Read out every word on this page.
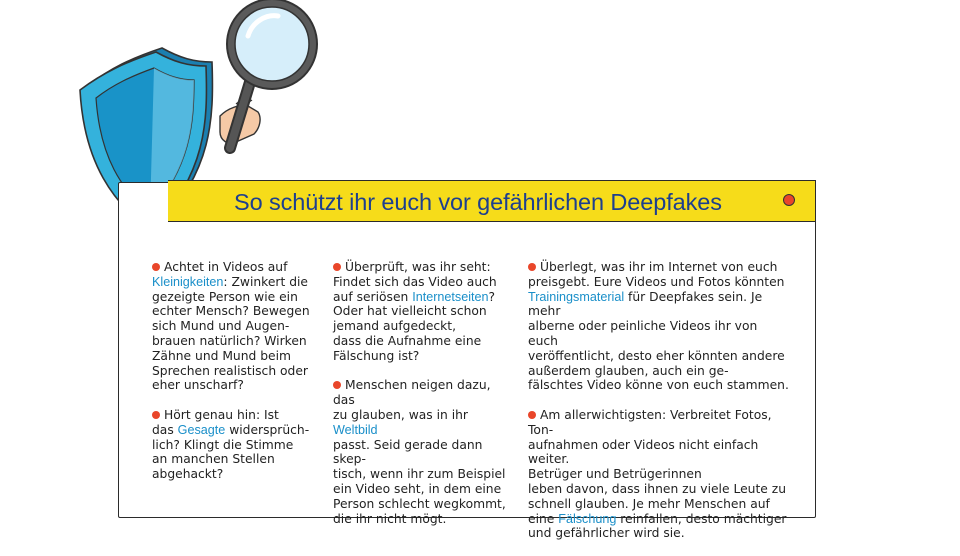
So schützt ihr euch vor gefährlichen Deepfakes

Achtet in Videos auf
Kleinigkeiten: Zwinkert die
gezeigte Person wie ein
echter Mensch? Bewegen
sich Mund und Augen-
brauen natürlich? Wirken
Zähne und Mund beim
Sprechen realistisch oder
eher unscharf?

Hört genau hin: Ist
das Gesagte widersprüch-
lich? Klingt die Stimme
an manchen Stellen
abgehackt?

Überprüft, was ihr seht:
Findet sich das Video auch
auf seriösen Internetseiten?
Oder hat vielleicht schon
jemand aufgedeckt,
dass die Aufnahme eine
Fälschung ist?

Menschen neigen dazu, das
zu glauben, was in ihr Weltbild
passt. Seid gerade dann skep-
tisch, wenn ihr zum Beispiel
ein Video seht, in dem eine
Person schlecht wegkommt,
die ihr nicht mögt.

Überlegt, was ihr im Internet von euch
preisgebt. Eure Videos und Fotos könnten
Trainingsmaterial für Deepfakes sein. Je mehr
alberne oder peinliche Videos ihr von euch
veröffentlicht, desto eher könnten andere
außerdem glauben, auch ein ge-
fälschtes Video könne von euch stammen.

Am allerwichtigsten: Verbreitet Fotos, Ton-
aufnahmen oder Videos nicht einfach weiter.
Betrüger und Betrügerinnen
leben davon, dass ihnen zu viele Leute zu
schnell glauben. Je mehr Menschen auf
eine Fälschung reinfallen, desto mächtiger
und gefährlicher wird sie.
